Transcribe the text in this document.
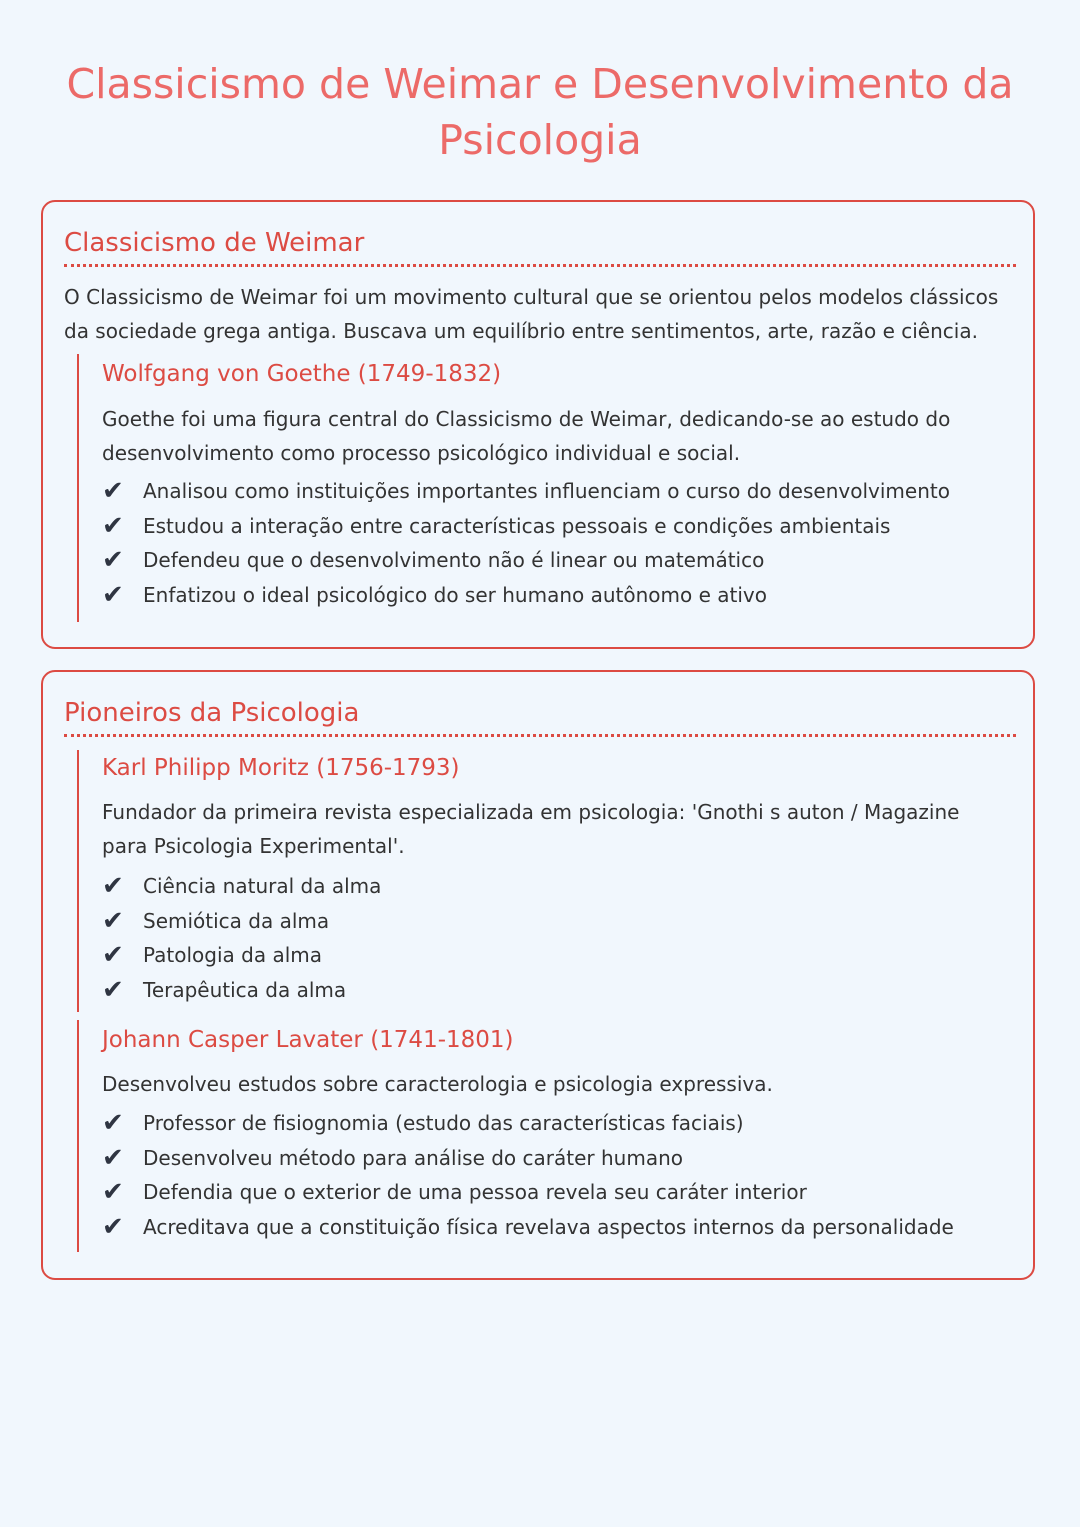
Classicismo de Weimar e Desenvolvimento da Psicologia
Classicismo de Weimar

O Classicismo de Weimar foi um movimento cultural que se orientou pelos modelos clássicos da sociedade grega antiga. Buscava um equilíbrio entre sentimentos, arte, razão e ciência.

Wolfgang von Goethe (1749-1832)

Goethe foi uma figura central do Classicismo de Weimar, dedicando-se ao estudo do desenvolvimento como processo psicológico individual e social.

✔ Analisou como instituições importantes influenciam o curso do desenvolvimento
✔ Estudou a interação entre características pessoais e condições ambientais
✔ Defendeu que o desenvolvimento não é linear ou matemático
✔ Enfatizou o ideal psicológico do ser humano autônomo e ativo
Pioneiros da Psicologia
Karl Philipp Moritz (1756-1793)

Fundador da primeira revista especializada em psicologia: 'Gnothi s auton / Magazine para Psicologia Experimental'.

✔ Ciência natural da alma
✔ Semiótica da alma
✔ Patologia da alma
✔ Terapêutica da alma
Johann Casper Lavater (1741-1801)

Desenvolveu estudos sobre caracterologia e psicologia expressiva.

✔ Professor de fisiognomia (estudo das características faciais)
✔ Desenvolveu método para análise do caráter humano
✔ Defendia que o exterior de uma pessoa revela seu caráter interior
✔ Acreditava que a constituição física revelava aspectos internos da personalidade
